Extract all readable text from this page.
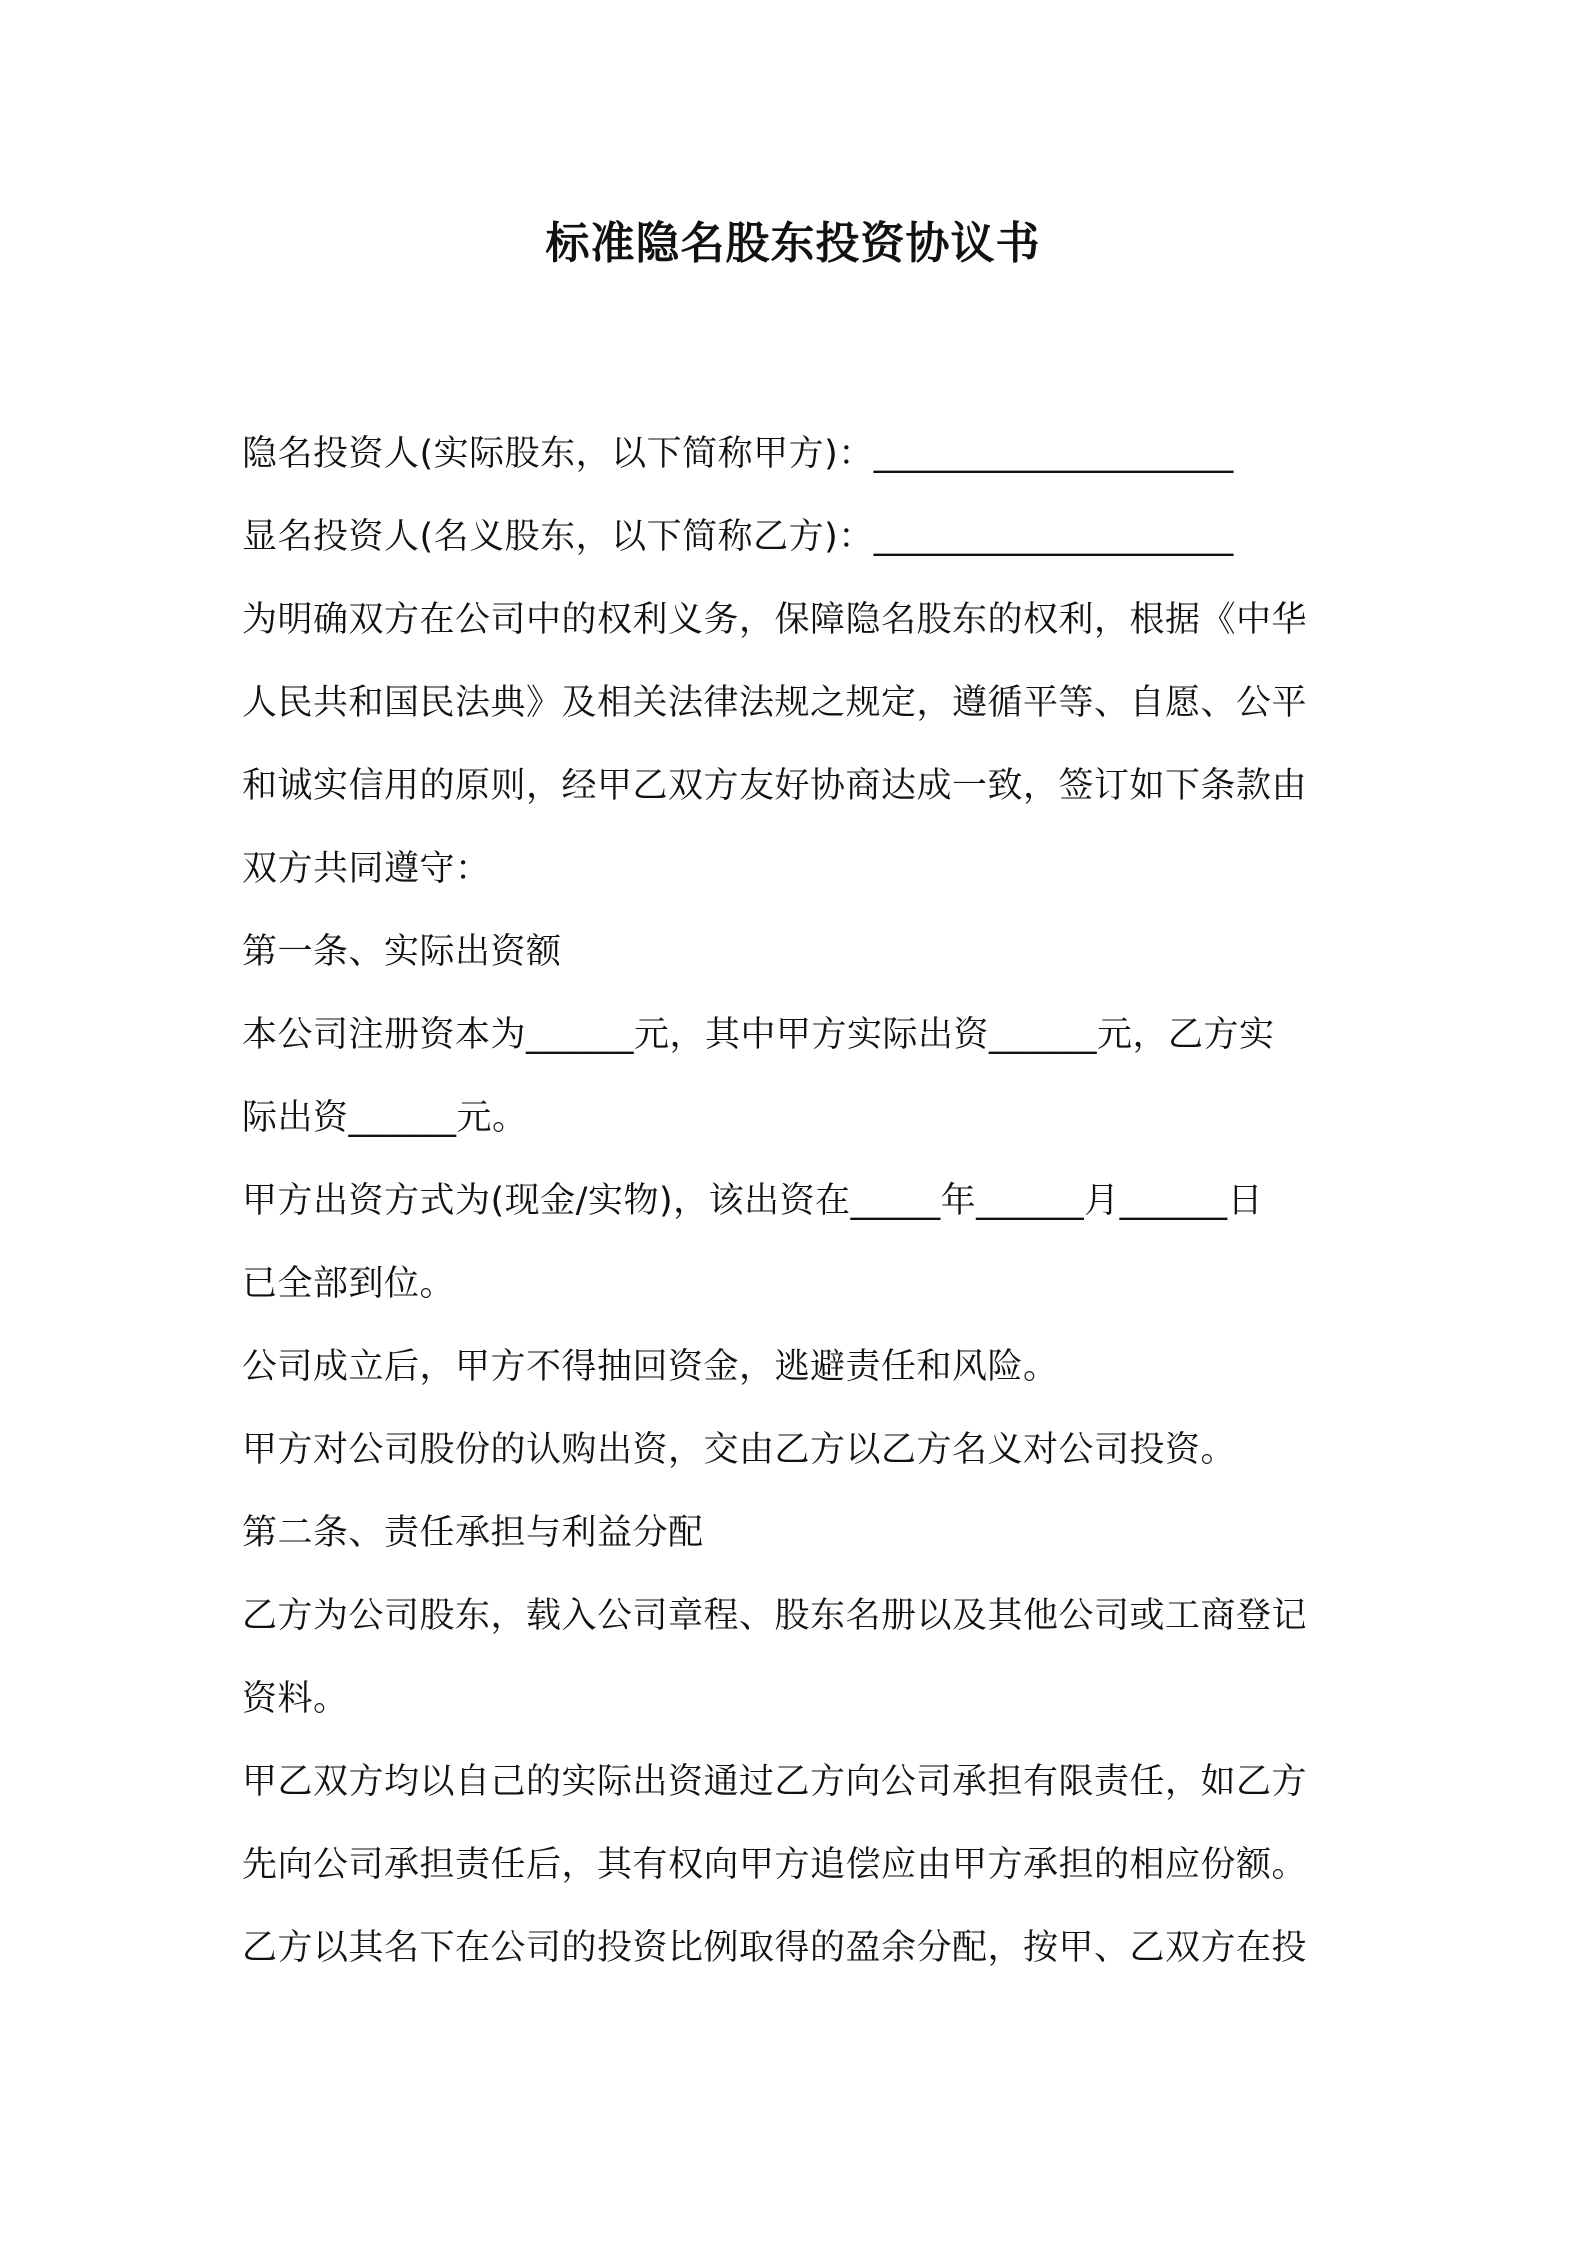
标准隐名股东投资协议书
隐名投资人(实际股东，以下简称甲方)：____________________
显名投资人(名义股东，以下简称乙方)：____________________
为明确双方在公司中的权利义务，保障隐名股东的权利，根据《中华
人民共和国民法典》及相关法律法规之规定，遵循平等、自愿、公平
和诚实信用的原则，经甲乙双方友好协商达成一致，签订如下条款由
双方共同遵守：
第一条、实际出资额
本公司注册资本为______元，其中甲方实际出资______元，乙方实
际出资______元。
甲方出资方式为(现金/实物)，该出资在_____年______月______日
已全部到位。
公司成立后，甲方不得抽回资金，逃避责任和风险。
甲方对公司股份的认购出资，交由乙方以乙方名义对公司投资。
第二条、责任承担与利益分配
乙方为公司股东，载入公司章程、股东名册以及其他公司或工商登记
资料。
甲乙双方均以自己的实际出资通过乙方向公司承担有限责任，如乙方
先向公司承担责任后，其有权向甲方追偿应由甲方承担的相应份额。
乙方以其名下在公司的投资比例取得的盈余分配，按甲、乙双方在投
